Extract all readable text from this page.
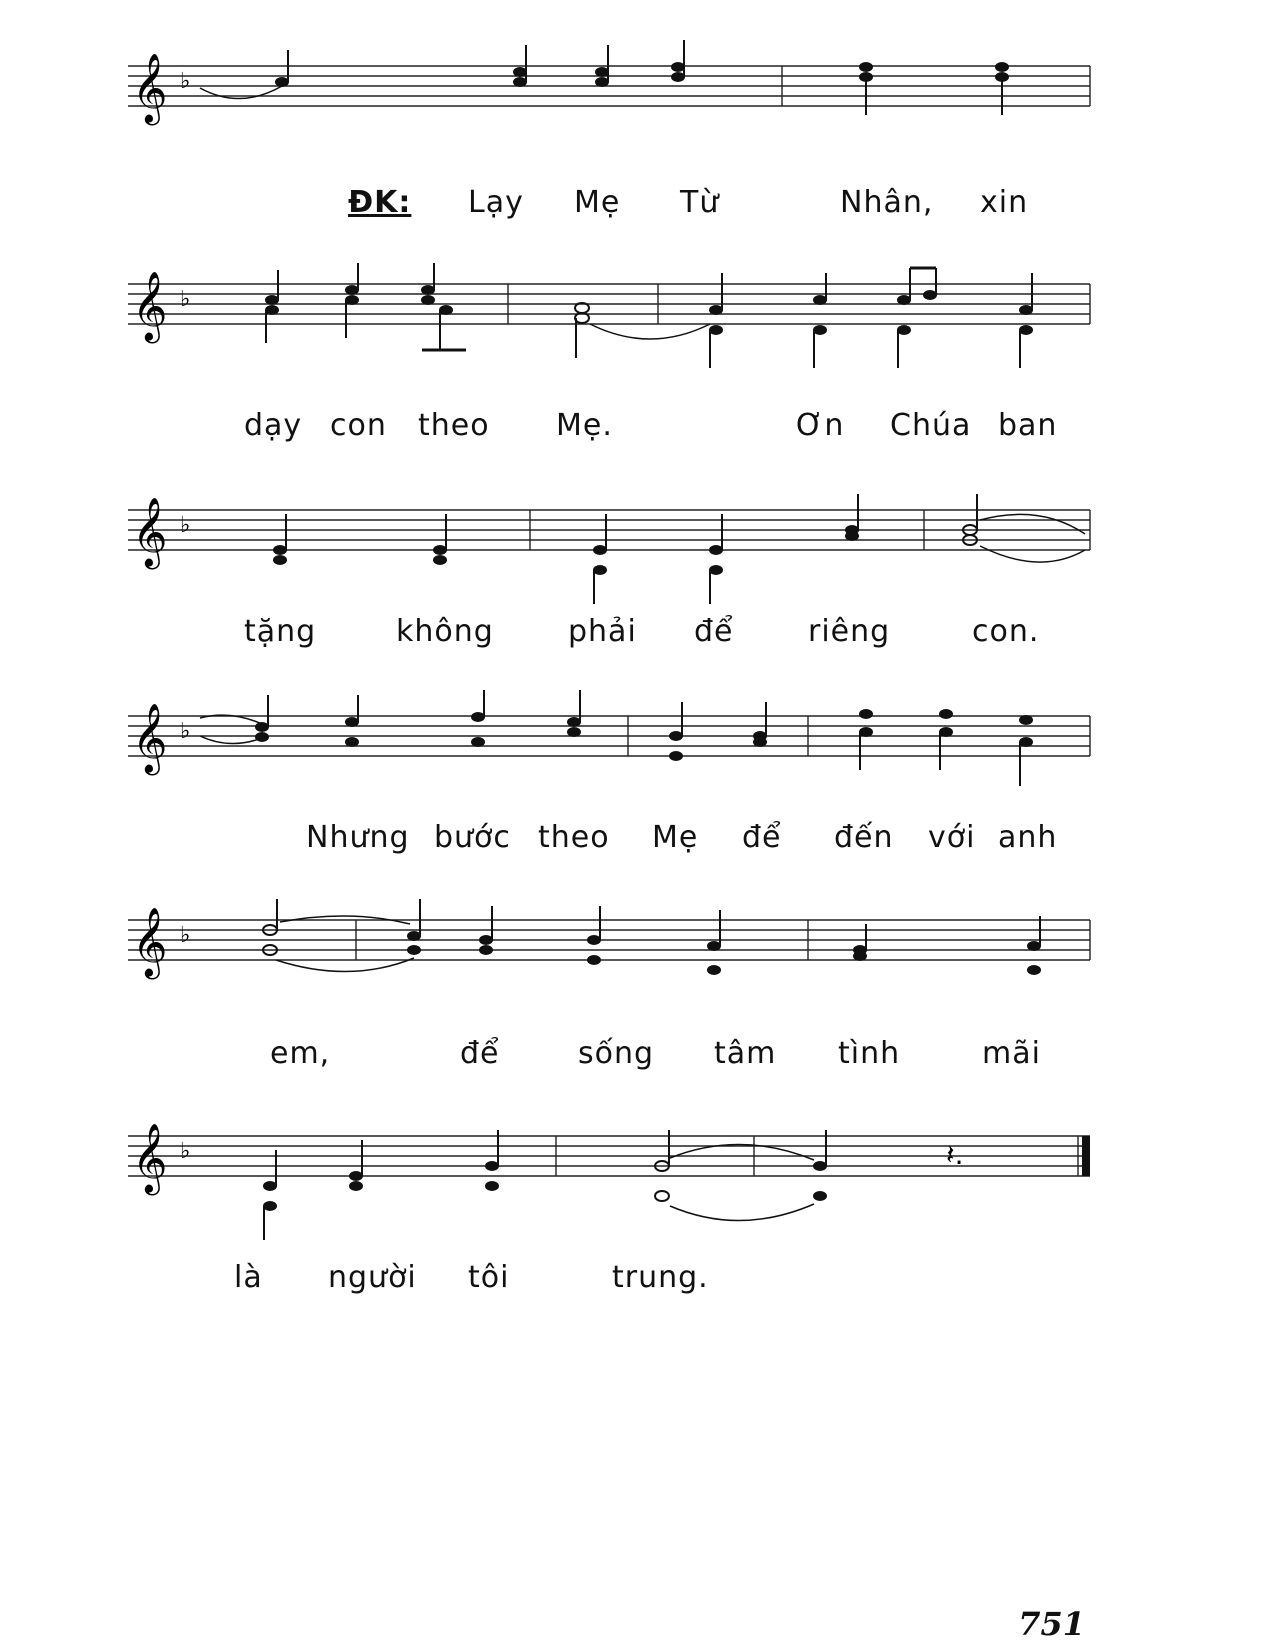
𝄞 ♭
ĐK: Lạy Mẹ Từ	Nhân, xin
𝄞 ♭
dạy con theo Mẹ.	Ơn Chúa ban
𝄞 ♭
tặng	không phải để riêng	con.
𝄞 ♭
Nhưng bước theo Mẹ để đến với anh
𝄞 ♭
em,	để	sống tâm tình	mãi
𝄞 ♭	𝄽.
là người tôi	trung.
751
